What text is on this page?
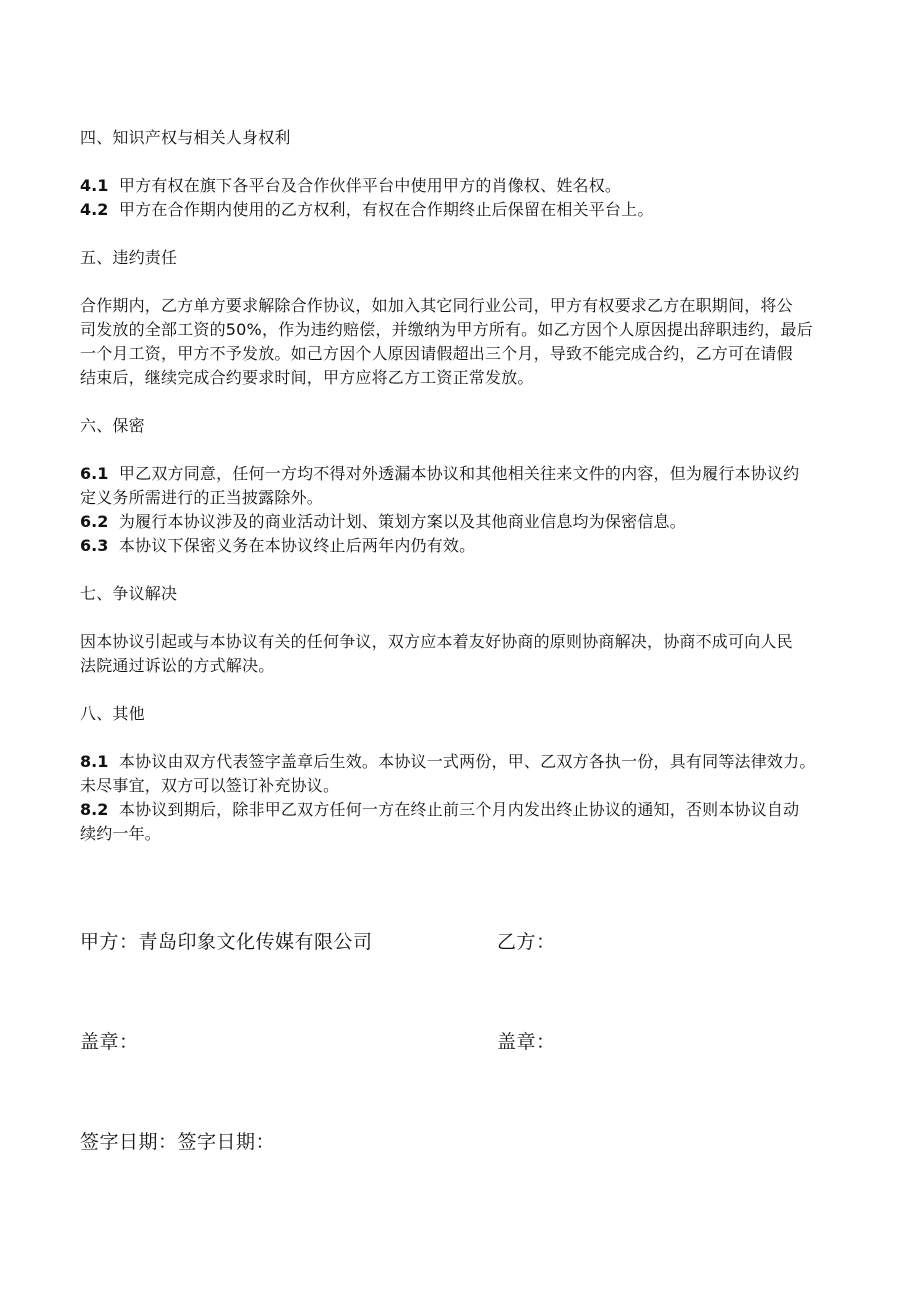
四、知识产权与相关人身权利
4.1 甲方有权在旗下各平台及合作伙伴平台中使用甲方的肖像权、姓名权。
4.2 甲方在合作期内使用的乙方权利，有权在合作期终止后保留在相关平台上。
五、违约责任
合作期内，乙方单方要求解除合作协议，如加入其它同行业公司，甲方有权要求乙方在职期间，将公
司发放的全部工资的50%，作为违约赔偿，并缴纳为甲方所有。如乙方因个人原因提出辞职违约，最后
一个月工资，甲方不予发放。如己方因个人原因请假超出三个月，导致不能完成合约，乙方可在请假
结束后，继续完成合约要求时间，甲方应将乙方工资正常发放。
六、保密
6.1 甲乙双方同意，任何一方均不得对外透漏本协议和其他相关往来文件的内容，但为履行本协议约
定义务所需进行的正当披露除外。
6.2 为履行本协议涉及的商业活动计划、策划方案以及其他商业信息均为保密信息。
6.3 本协议下保密义务在本协议终止后两年内仍有效。
七、争议解决
因本协议引起或与本协议有关的任何争议，双方应本着友好协商的原则协商解决，协商不成可向人民
法院通过诉讼的方式解决。
八、其他
8.1 本协议由双方代表签字盖章后生效。本协议一式两份，甲、乙双方各执一份，具有同等法律效力。
未尽事宜，双方可以签订补充协议。
8.2 本协议到期后，除非甲乙双方任何一方在终止前三个月内发出终止协议的通知，否则本协议自动
续约一年。
甲方：青岛印象文化传媒有限公司	乙方：
盖章：	盖章：
签字日期：签字日期：
